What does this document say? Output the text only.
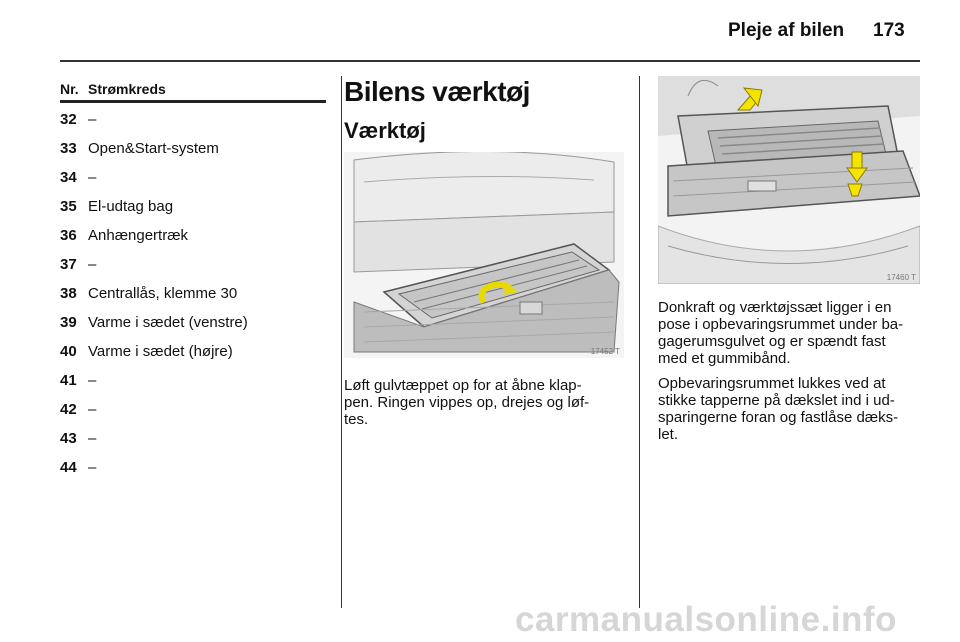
Pleje af bilen 173
Nr. Strømkreds
32 –
33 Open&Start-system
34 –
35 El-udtag bag
36 Anhængertræk
37 –
38 Centrallås, klemme 30
39 Varme i sædet (venstre)
40 Varme i sædet (højre)
41 –
42 –
43 –
44 –
Bilens værktøj
Værktøj
17452 T
Løft gulvtæppet op for at åbne klap-
pen. Ringen vippes op, drejes og løf-
tes.
17460 T
Donkraft og værktøjssæt ligger i en
pose i opbevaringsrummet under ba-
gagerumsgulvet og er spændt fast
med et gummibånd.
Opbevaringsrummet lukkes ved at
stikke tapperne på dækslet ind i ud-
sparingerne foran og fastlåse dæks-
let.
carmanualsonline.info
